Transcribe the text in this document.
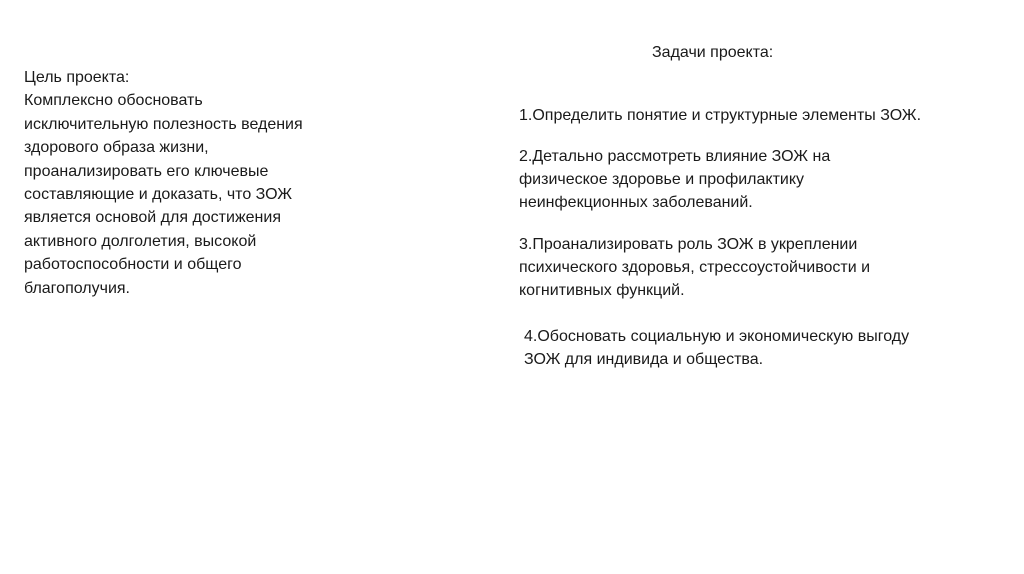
Цель проекта:
Комплексно обосновать
исключительную полезность ведения
здорового образа жизни,
проанализировать его ключевые
составляющие и доказать, что ЗОЖ
является основой для достижения
активного долголетия, высокой
работоспособности и общего
благополучия.
Задачи проекта:
1.Определить понятие и структурные элементы ЗОЖ.
2.Детально рассмотреть влияние ЗОЖ на
физическое здоровье и профилактику
неинфекционных заболеваний.
3.Проанализировать роль ЗОЖ в укреплении
психического здоровья, стрессоустойчивости и
когнитивных функций.
4.Обосновать социальную и экономическую выгоду
ЗОЖ для индивида и общества.
